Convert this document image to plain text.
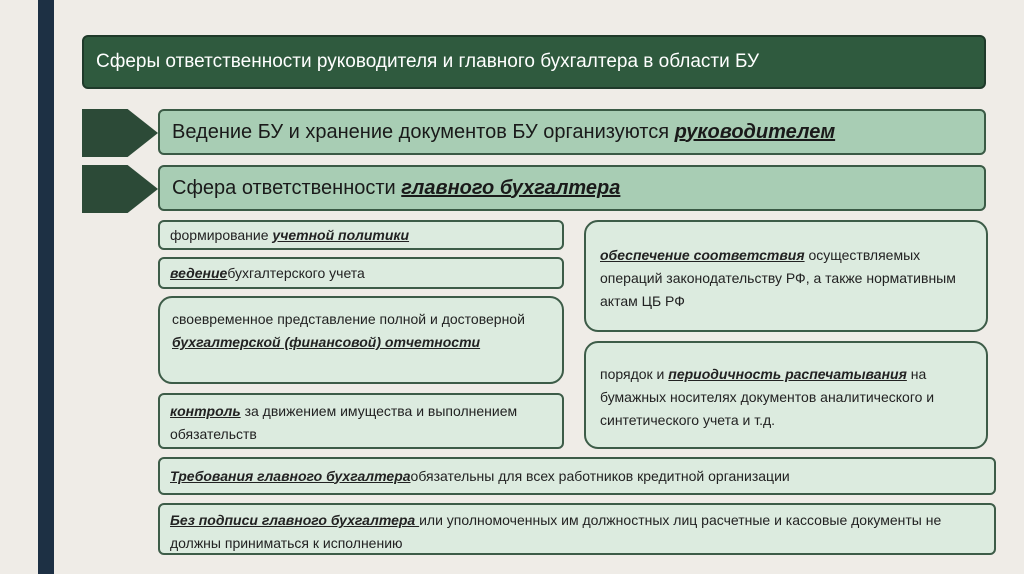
Сферы ответственности руководителя и главного бухгалтера в области БУ
Ведение БУ и хранение документов БУ организуются руководителем
Сфера ответственности главного бухгалтера
формирование
учетной политики
ведение бухгалтерского учета
своевременное представление полной и достоверной бухгалтерской (финансовой) отчетности
контроль за движением имущества и выполнением обязательств
обеспечение соответствия осуществляемых операций законодательству РФ, а также нормативным актам ЦБ РФ
порядок и периодичность распечатывания на бумажных носителях документов аналитического и синтетического учета и т.д.
Требования главного бухгалтера обязательны для всех работников кредитной организации
Без подписи главного бухгалтера или уполномоченных им должностных лиц расчетные и кассовые документы не должны приниматься к исполнению
